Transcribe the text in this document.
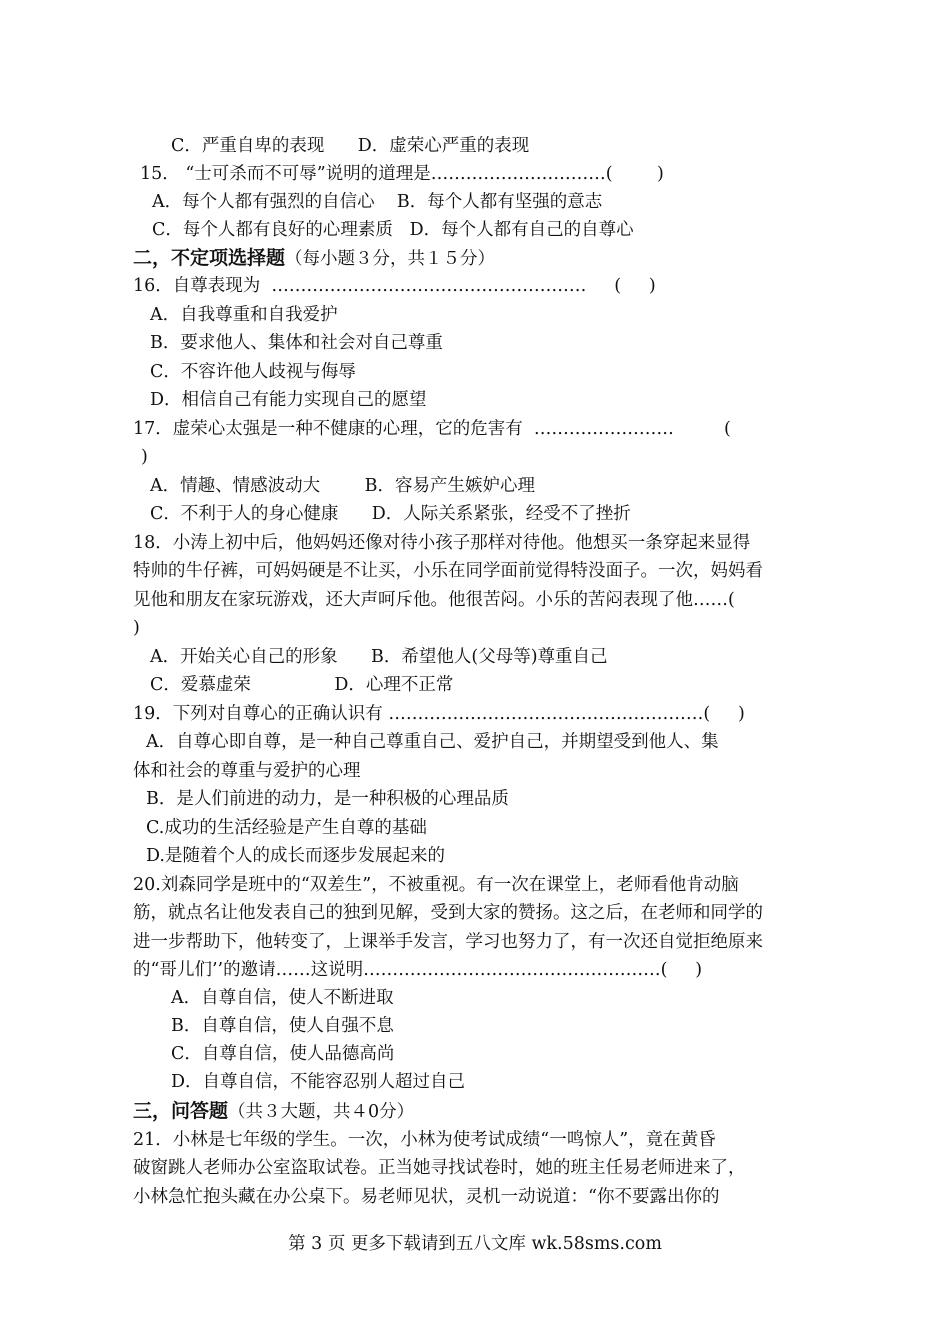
C．严重自卑的表现      D．虚荣心严重的表现
15． “士可杀而不可辱”说明的道理是…………………………(        )
A．每个人都有强烈的自信心    B．每个人都有坚强的意志
C．每个人都有良好的心理素质   D．每个人都有自己的自尊心
二，不定项选择题（每小题３分，共１５分）
16．自尊表现为  ………………………………………………     (     )
A．自我尊重和自我爱护
B．要求他人、集体和社会对自己尊重
C．不容许他人歧视与侮辱
D．相信自己有能力实现自己的愿望
17．虚荣心太强是一种不健康的心理，它的危害有  ……………………         (
)
A．情趣、情感波动大        B．容易产生嫉妒心理
C．不利于人的身心健康      D．人际关系紧张，经受不了挫折
18．小涛上初中后，他妈妈还像对待小孩子那样对待他。他想买一条穿起来显得
特帅的牛仔裤，可妈妈硬是不让买，小乐在同学面前觉得特没面子。一次，妈妈看
见他和朋友在家玩游戏，还大声呵斥他。他很苦闷。小乐的苦闷表现了他……(
)
A．开始关心自己的形象      B．希望他人(父母等)尊重自己
C．爱慕虚荣               D．心理不正常
19．下列对自尊心的正确认识有 ………………………………………………(     )
A．自尊心即自尊，是一种自己尊重自己、爱护自己，并期望受到他人、集
体和社会的尊重与爱护的心理
B．是人们前进的动力，是一种积极的心理品质
C.成功的生活经验是产生自尊的基础
D.是随着个人的成长而逐步发展起来的
20.刘森同学是班中的“双差生”，不被重视。有一次在课堂上，老师看他肯动脑
筋，就点名让他发表自己的独到见解，受到大家的赞扬。这之后，在老师和同学的
进一步帮助下，他转变了，上课举手发言，学习也努力了，有一次还自觉拒绝原来
的“哥儿们’’的邀请……这说明……………………………………………(     )
A．自尊自信，使人不断进取
B．自尊自信，使人自强不息
C．自尊自信，使人品德高尚
D．自尊自信，不能容忍别人超过自己
三，问答题（共３大题，共４0分）
21．小林是七年级的学生。一次，小林为使考试成绩“一鸣惊人”，竟在黄昏
破窗跳人老师办公室盗取试卷。正当她寻找试卷时，她的班主任易老师进来了，
小林急忙抱头藏在办公桌下。易老师见状，灵机一动说道：“你不要露出你的
第 3 页 更多下载请到五八文库 wk.58sms.com
